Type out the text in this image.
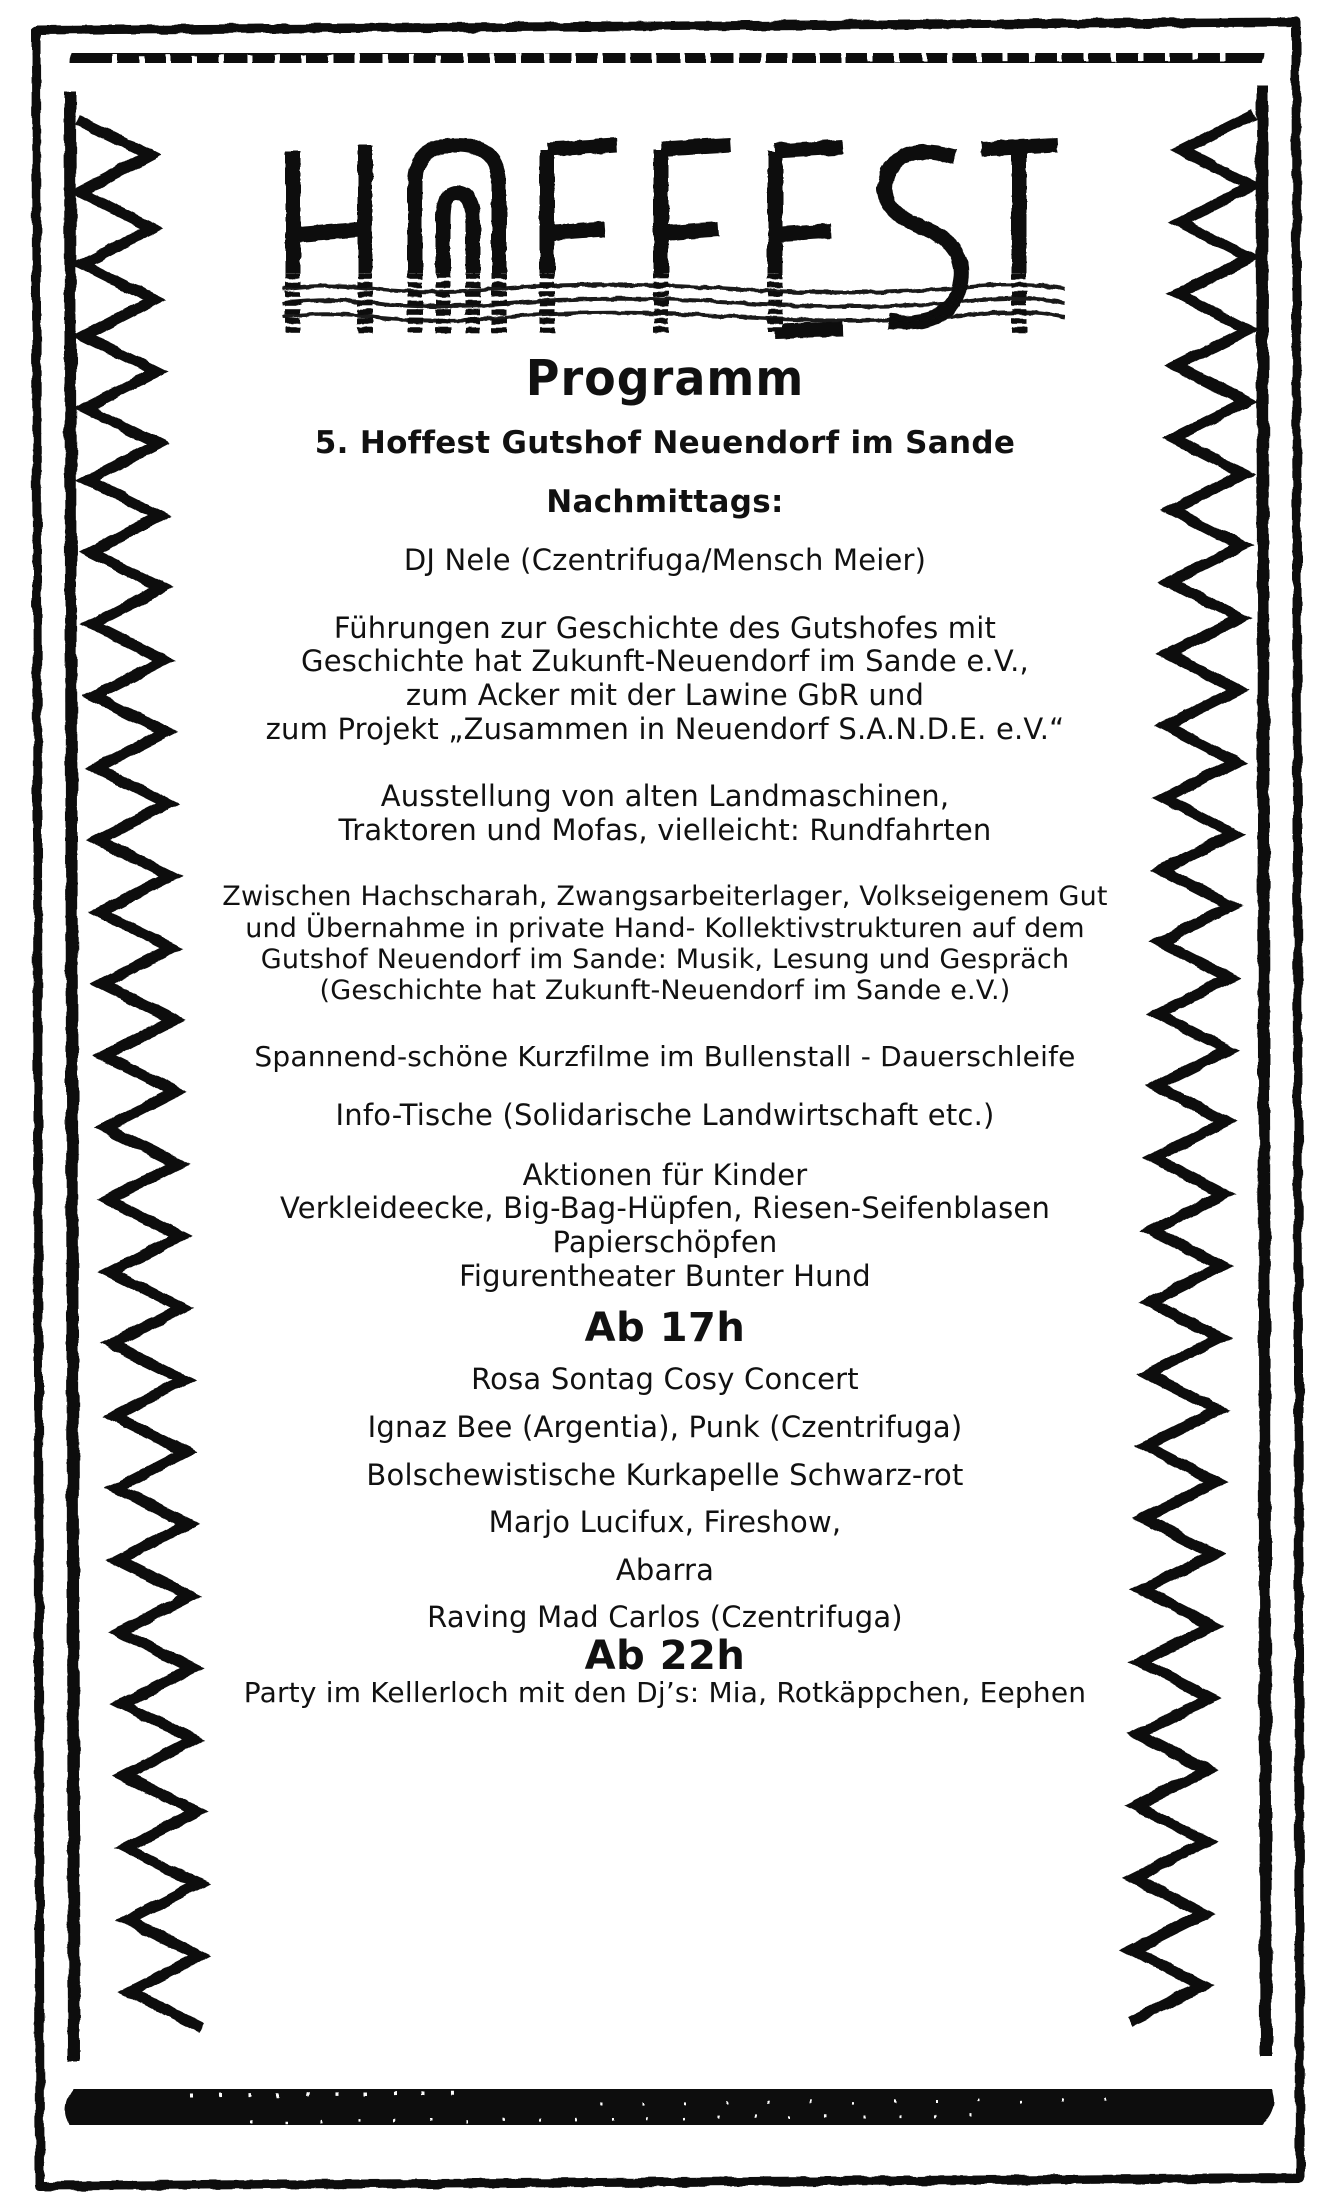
Programm
5. Hoffest Gutshof Neuendorf im Sande
Nachmittags:
DJ Nele (Czentrifuga/Mensch Meier)
Führungen zur Geschichte des Gutshofes mit
Geschichte hat Zukunft-Neuendorf im Sande e.V.,
zum Acker mit der Lawine GbR und
zum Projekt „Zusammen in Neuendorf S.A.N.D.E. e.V.“
Ausstellung von alten Landmaschinen,
Traktoren und Mofas, vielleicht: Rundfahrten
Zwischen Hachscharah, Zwangsarbeiterlager, Volkseigenem Gut
und Übernahme in private Hand- Kollektivstrukturen auf dem
Gutshof Neuendorf im Sande: Musik, Lesung und Gespräch
(Geschichte hat Zukunft-Neuendorf im Sande e.V.)
Spannend-schöne Kurzfilme im Bullenstall - Dauerschleife
Info-Tische (Solidarische Landwirtschaft etc.)
Aktionen für Kinder
Verkleideecke, Big-Bag-Hüpfen, Riesen-Seifenblasen
Papierschöpfen
Figurentheater Bunter Hund
Ab 17h
Rosa Sontag Cosy Concert
Ignaz Bee (Argentia), Punk (Czentrifuga)
Bolschewistische Kurkapelle Schwarz-rot
Marjo Lucifux, Fireshow,
Abarra
Raving Mad Carlos (Czentrifuga)
Ab 22h
Party im Kellerloch mit den Dj’s: Mia, Rotkäppchen, Eephen
